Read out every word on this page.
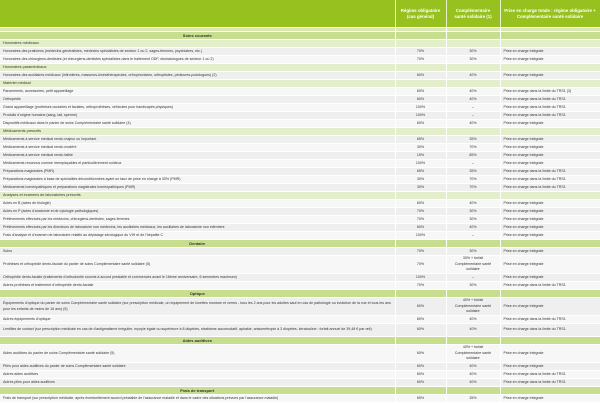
	Régime obligatoire (cas général)	Complémentaire santé solidaire (1)	Prise en charge totale : régime obligatoire + Complémentaire santé solidaire

Soins courants			
Honoraires médicaux			
Honoraires des praticiens (médecins généralistes, médecins spécialistes de secteur 1 ou 2, sages-femmes, psychiatres, etc.)	70%	30%	Prise en charge intégrale
Honoraires des chirurgiens-dentistes (et chirurgiens-dentistes spécialistes dans le traitement ODF, stomatologues de secteur 1 ou 2)	70%	30%	Prise en charge intégrale
Honoraires paramédicaux			
Honoraires des auxiliaires médicaux (infirmières, masseurs-kinésithérapeutes, orthophonistes, orthoptistes, pédicures-podologues) (2)	60%	40%	Prise en charge intégrale
Matériel médical			
Pansements, accessoires, petit appareillage	60%	40%	Prise en charge dans la limite du TRS1 (3)
Orthopédie	60%	40%	Prise en charge dans la limite du TRS1
Grand appareillage (prothèses oculaires et faciales, orthoprothèses, véhicules pour handicapés physiques)	100%	–	Prise en charge dans la limite du TRS1
Produits d'origine humaine (sang, lait, sperme)	100%	–	Prise en charge dans la limite du TRS1
Dispositifs médicaux dans le panier de soins Complémentaire santé solidaire (4)	60%	40%	Prise en charge intégrale
Médicaments prescrits			
Médicaments à service médical rendu majeur ou important	65%	35%	Prise en charge intégrale
Médicaments à service médical rendu modéré	30%	70%	Prise en charge intégrale
Médicaments à service médical rendu faible	15%	85%	Prise en charge intégrale
Médicaments reconnus comme irremplaçables et particulièrement coûteux	100%	–	Prise en charge intégrale
Préparations magistrales (PMR)	65%	35%	Prise en charge dans la limite du TRS1
Préparations magistrales à base de spécialités déconditionnées ayant un taux de prise en charge à 30% (PMR)	30%	70%	Prise en charge dans la limite du TRS1
Médicaments homéopathiques et préparations magistrales homéopathiques (PMR)	30%	70%	Prise en charge dans la limite du TRS1
Analyses et examens de laboratoires prescrits			
Actes en B (actes de biologie)	60%	40%	Prise en charge intégrale
Actes en P (actes d'anatomie et de cytologie pathologiques)	70%	30%	Prise en charge intégrale
Prélèvements effectués par les médecins, chirurgiens-dentistes, sages-femmes	70%	30%	Prise en charge intégrale
Prélèvements effectués par les directeurs de laboratoire non médecins, les auxiliaires médicaux, les auxiliaires de laboratoire non infirmiers	60%	40%	Prise en charge intégrale
Frais d'analyse et d'examen de laboratoire relatifs au dépistage sérologique du VIH et de l'hépatite C	100%	–	Prise en charge intégrale
Dentaire			
Soins	70%	30%	Prise en charge intégrale
Prothèses et orthopédie dento-faciale du panier de soins Complémentaire santé solidaire (5)	70%	30% + forfait Complémentaire santé solidaire	Prise en charge intégrale
Orthopédie dento-faciale (traitements d'orthodontie soumis à accord préalable et commencés avant le 16ème anniversaire, 6 semestres maximum)	100%	–	Prise en charge intégrale
Autres prothèses et traitement d'orthopédie dento-faciale	70%	30%	Prise en charge dans la limite du TRS1
Optique			
Équipements d'optique du panier de soins Complémentaire santé solidaire (sur prescription médicale, un équipement de lunettes monture et verres - tous les 2 ans pour les adultes sauf en cas de pathologie ou évolution de la vue et tous les ans pour les enfants de moins de 16 ans) (5)	60%	40% + forfait Complémentaire santé solidaire	Prise en charge intégrale
Autres équipements d'optique	60%	40%	Prise en charge dans la limite du TRS1
Lentilles de contact (sur prescription médicale en cas de d'astigmatisme irrégulier, myopie égale ou supérieure à 8 dioptries, strabisme accomodatif, aphakie, anisométropie à 3 dioptries, kératocône : forfait annuel de 39,48 € par œil)	60%	40%	Prise en charge dans la limite du TRS1
Aides auditives			
Aides auditives du panier de soins Complémentaire santé solidaire (5)	60%	40% + forfait Complémentaire santé solidaire	Prise en charge intégrale
Piles pour aides auditives du panier de soins Complémentaire santé solidaire	60%	40%	Prise en charge intégrale
Autres aides auditives	60%	40%	Prise en charge dans la limite du TRS1
Autres piles pour aides auditives	60%	40%	Prise en charge dans la limite du TRS1
Frais de transport			
Frais de transport (sur prescription médicale, après éventuellement accord préalable de l'assurance maladie et dans le cadre des situations prévues par l'assurance maladie)	65%	35%	Prise en charge intégrale
